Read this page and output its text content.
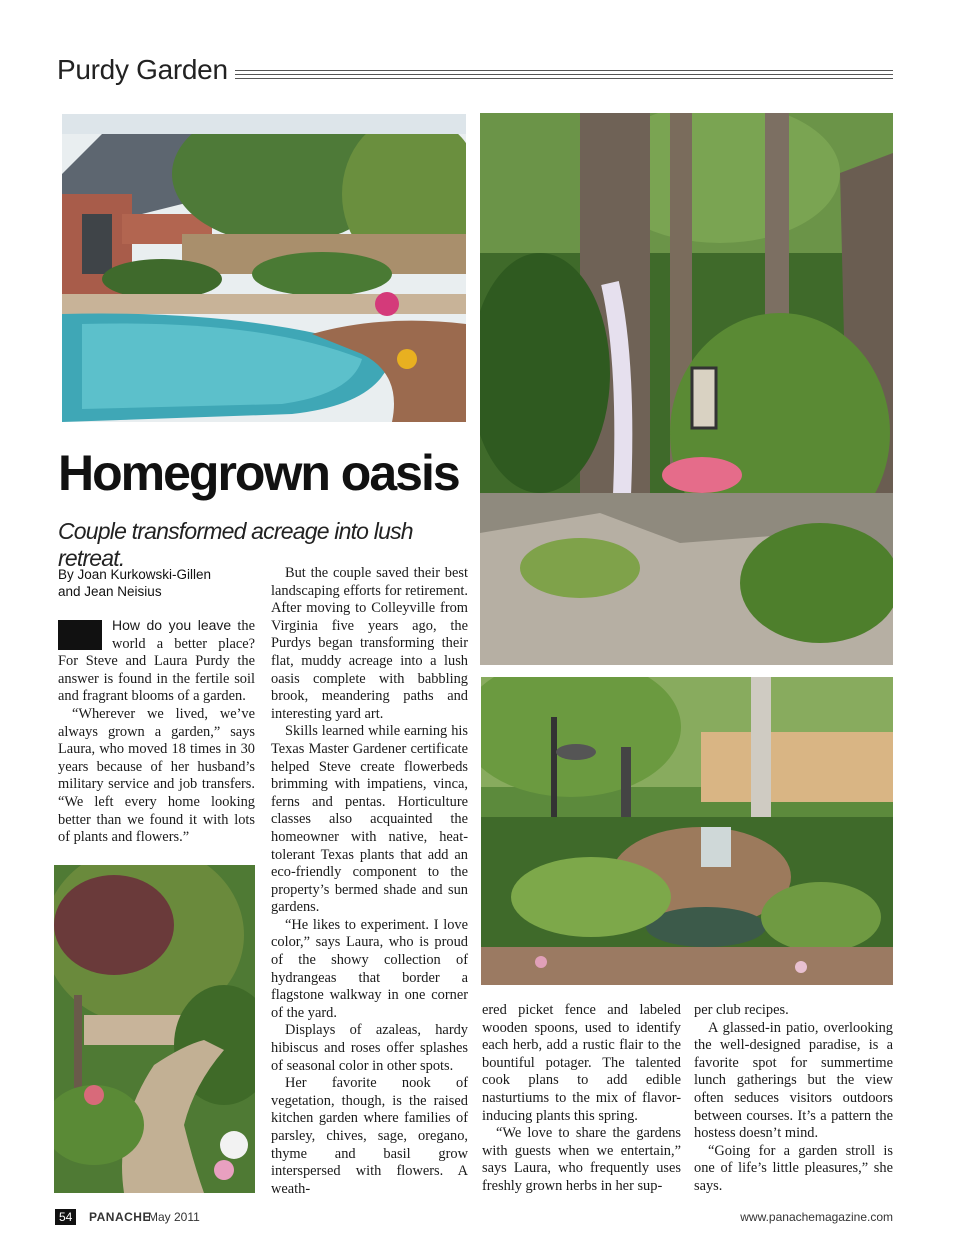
Purdy Garden
Homegrown oasis
Couple transformed acreage into lush retreat.
By Joan Kurkowski-Gillen
and Jean Neisius

How do you leave the world a better place? For Steve and Laura Purdy the answer is found in the fertile soil and fragrant blooms of a garden.

“Wherever we lived, we’ve always grown a garden,” says Laura, who moved 18 times in 30 years because of her husband’s military service and job transfers. “We left every home looking better than we found it with lots of plants and flowers.”

But the couple saved their best landscaping efforts for retirement. After moving to Colleyville from Virginia five years ago, the Purdys began transforming their flat, muddy acreage into a lush oasis complete with babbling brook, meandering paths and interesting yard art.

Skills learned while earning his Texas Master Gardener certificate helped Steve create flowerbeds brimming with impatiens, vinca, ferns and pentas. Horticulture classes also acquainted the homeowner with native, heat-tolerant Texas plants that add an eco-friendly component to the property’s bermed shade and sun gardens.

“He likes to experiment. I love color,” says Laura, who is proud of the showy collection of hydrangeas that border a flagstone walkway in one corner of the yard.

Displays of azaleas, hardy hibiscus and roses offer splashes of seasonal color in other spots.

Her favorite nook of vegetation, though, is the raised kitchen garden where families of parsley, chives, sage, oregano, thyme and basil grow interspersed with flowers. A weath-

ered picket fence and labeled wooden spoons, used to identify each herb, add a rustic flair to the bountiful potager. The talented cook plans to add edible nasturtiums to the mix of flavor-inducing plants this spring.

“We love to share the gardens with guests when we entertain,” says Laura, who frequently uses freshly grown herbs in her sup-

per club recipes.

A glassed-in patio, overlooking the well-designed paradise, is a favorite spot for summertime lunch gatherings but the view often seduces visitors outdoors between courses. It’s a pattern the hostess doesn’t mind.

“Going for a garden stroll is one of life’s little pleasures,” she says.

54	PANACHE
May 2011	www.panachemagazine.com
